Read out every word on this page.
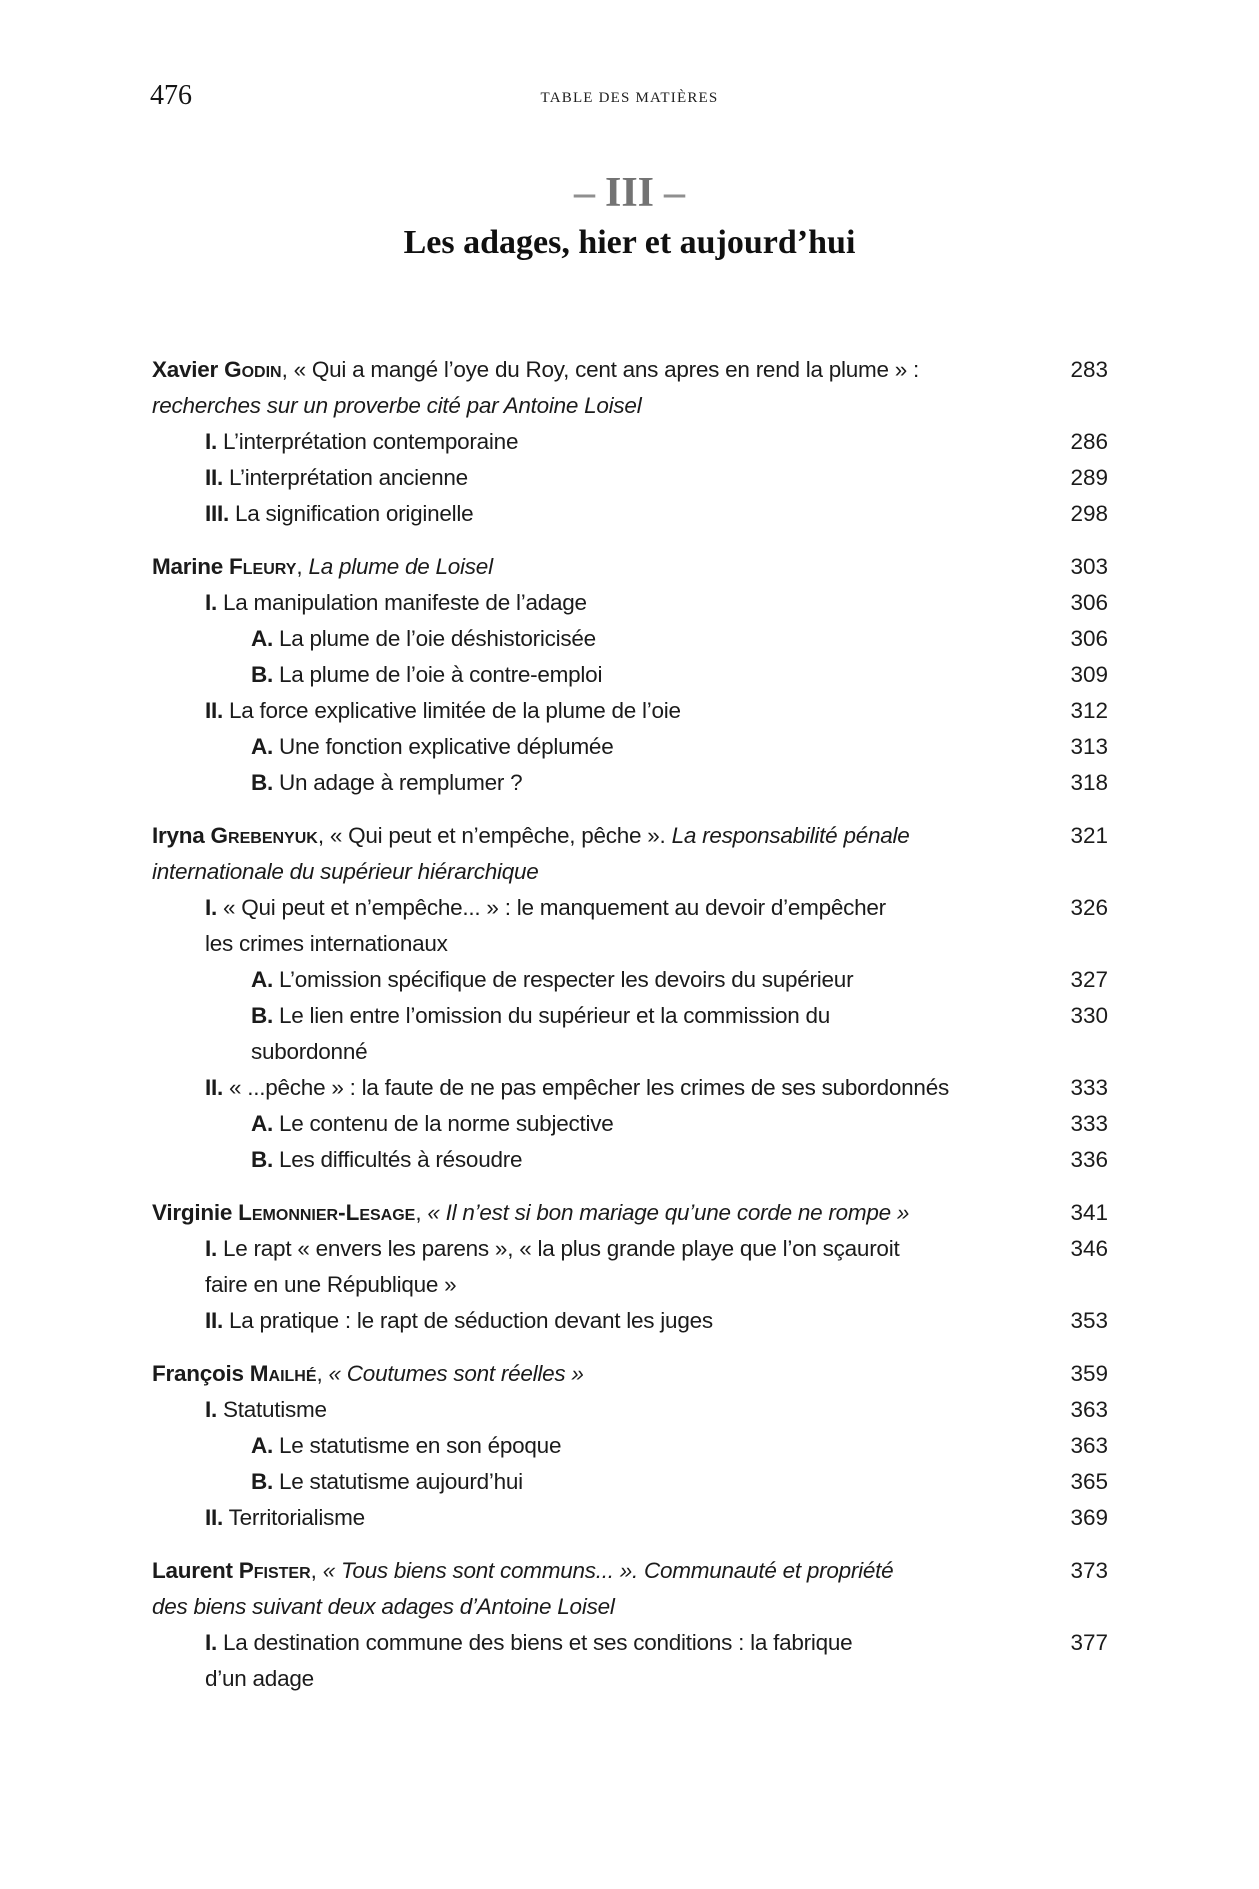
476	TABLE DES MATIÈRES
– III –
Les adages, hier et aujourd’hui
Xavier Godin, « Qui a mangé l’oye du Roy, cent ans apres en rend la plume » :	283
recherches sur un proverbe cité par Antoine Loisel
I. L’interprétation contemporaine	286
II. L’interprétation ancienne	289
III. La signification originelle	298
Marine Fleury, La plume de Loisel	303
I. La manipulation manifeste de l’adage	306
A. La plume de l’oie déshistoricisée	306
B. La plume de l’oie à contre-emploi	309
II. La force explicative limitée de la plume de l’oie	312
A. Une fonction explicative déplumée	313
B. Un adage à remplumer ?	318
Iryna Grebenyuk, « Qui peut et n’empêche, pêche ». La responsabilité pénale	321
internationale du supérieur hiérarchique
I. « Qui peut et n’empêche... » : le manquement au devoir d’empêcher	326
les crimes internationaux
A. L’omission spécifique de respecter les devoirs du supérieur	327
B. Le lien entre l’omission du supérieur et la commission du	330
subordonné
II. « ...pêche » : la faute de ne pas empêcher les crimes de ses subordonnés	333
A. Le contenu de la norme subjective	333
B. Les difficultés à résoudre	336
Virginie Lemonnier-Lesage, « Il n’est si bon mariage qu’une corde ne rompe »	341
I. Le rapt « envers les parens », « la plus grande playe que l’on sçauroit	346
faire en une République »
II. La pratique : le rapt de séduction devant les juges	353
François Mailhé, « Coutumes sont réelles »	359
I. Statutisme	363
A. Le statutisme en son époque	363
B. Le statutisme aujourd’hui	365
II. Territorialisme	369
Laurent Pfister, « Tous biens sont communs... ». Communauté et propriété	373
des biens suivant deux adages d’Antoine Loisel
I. La destination commune des biens et ses conditions : la fabrique	377
d’un adage
